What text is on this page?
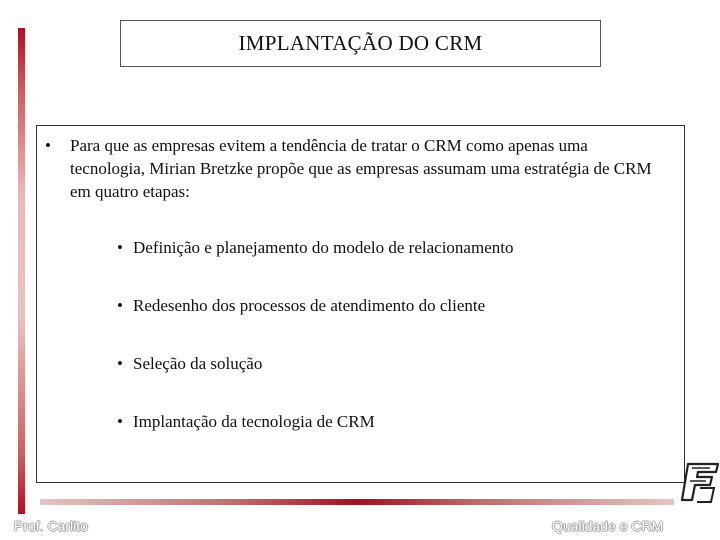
IMPLANTAÇÃO DO CRM
• Para que as empresas evitem a tendência de tratar o CRM como apenas uma tecnologia, Mirian Bretzke propõe que as empresas assumam uma estratégia de CRM em quatro etapas:
• Definição e planejamento do modelo de relacionamento
• Redesenho dos processos de atendimento do cliente
• Seleção da solução
• Implantação da tecnologia de CRM
Prof. Carlito	Qualidade e CRM
